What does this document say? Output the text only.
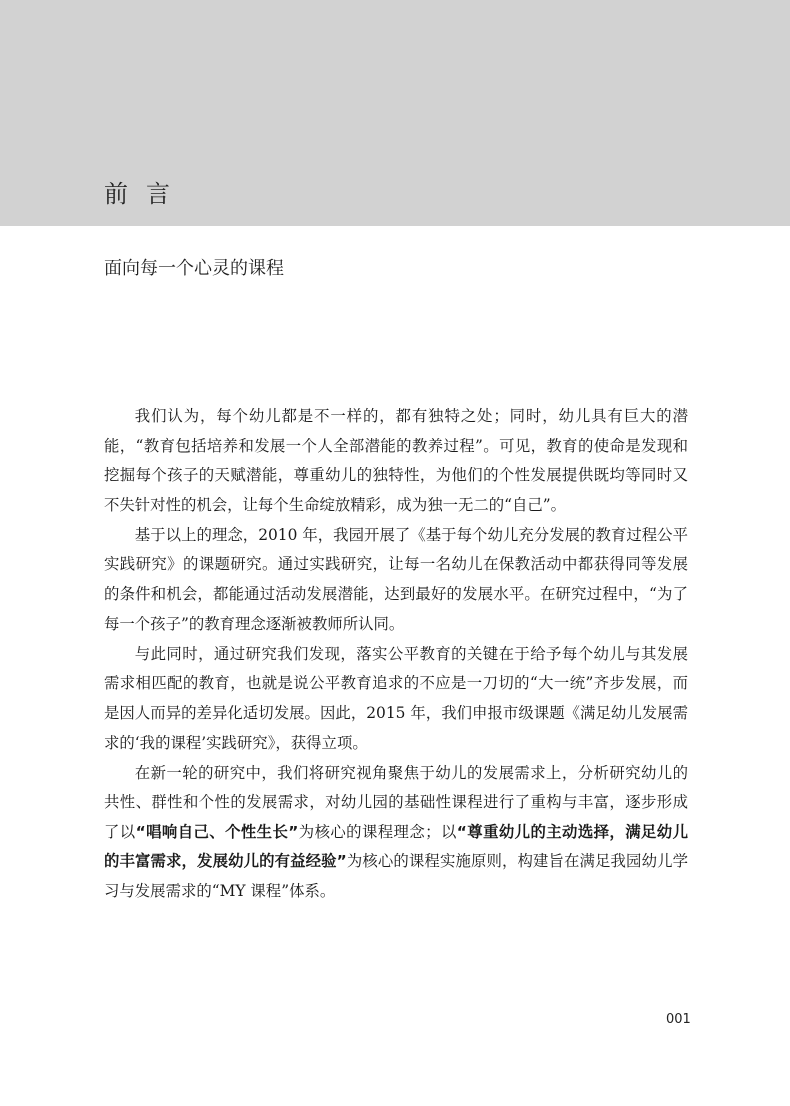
前言
面向每一个心灵的课程

我们认为，每个幼儿都是不一样的，都有独特之处；同时，幼儿具有巨大的潜能，“教育包括培养和发展一个人全部潜能的教养过程”。可见，教育的使命是发现和挖掘每个孩子的天赋潜能，尊重幼儿的独特性，为他们的个性发展提供既均等同时又不失针对性的机会，让每个生命绽放精彩，成为独一无二的“自己”。

基于以上的理念，2010 年，我园开展了《基于每个幼儿充分发展的教育过程公平实践研究》的课题研究。通过实践研究，让每一名幼儿在保教活动中都获得同等发展的条件和机会，都能通过活动发展潜能，达到最好的发展水平。在研究过程中，“为了每一个孩子”的教育理念逐渐被教师所认同。

与此同时，通过研究我们发现，落实公平教育的关键在于给予每个幼儿与其发展需求相匹配的教育，也就是说公平教育追求的不应是一刀切的“大一统”齐步发展，而是因人而异的差异化适切发展。因此，2015 年，我们申报市级课题《满足幼儿发展需求的‘我的课程’实践研究》，获得立项。

在新一轮的研究中，我们将研究视角聚焦于幼儿的发展需求上，分析研究幼儿的共性、群性和个性的发展需求，对幼儿园的基础性课程进行了重构与丰富，逐步形成了以“唱响自己、个性生长”为核心的课程理念；以“尊重幼儿的主动选择，满足幼儿的丰富需求，发展幼儿的有益经验”为核心的课程实施原则，构建旨在满足我园幼儿学习与发展需求的“MY 课程”体系。

001
